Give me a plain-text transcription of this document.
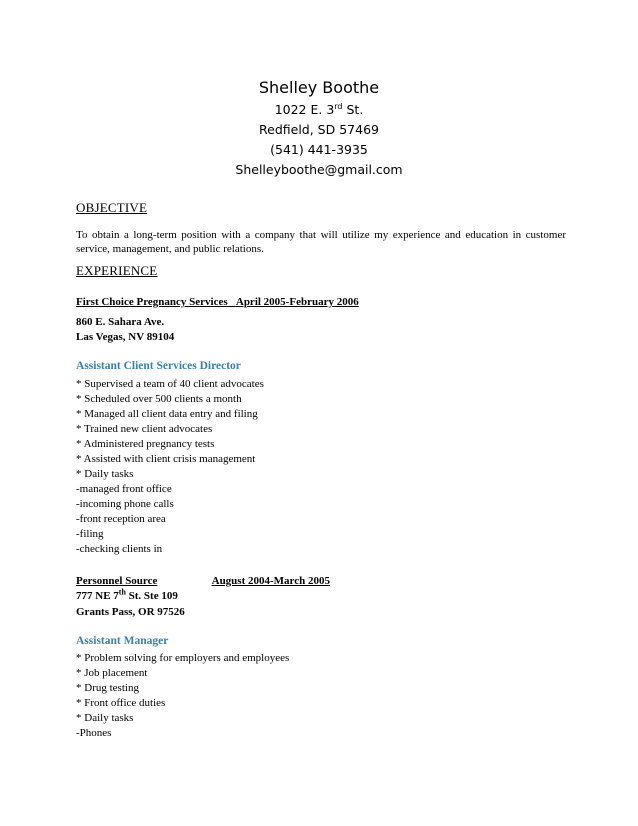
Shelley Boothe
1022 E. 3rd St.
Redfield, SD 57469
(541) 441-3935
Shelleyboothe@gmail.com
OBJECTIVE
To obtain a long-term position with a company that will utilize my experience and education in customer service, management, and public relations.
EXPERIENCE
First Choice Pregnancy Services April 2005-February 2006
860 E. Sahara Ave.
Las Vegas, NV 89104
Assistant Client Services Director
* Supervised a team of 40 client advocates
* Scheduled over 500 clients a month
* Managed all client data entry and filing
* Trained new client advocates
* Administered pregnancy tests
* Assisted with client crisis management
* Daily tasks
-managed front office
-incoming phone calls
-front reception area
-filing
-checking clients in
Personnel Source	August 2004-March 2005
777 NE 7th St. Ste 109
Grants Pass, OR 97526
Assistant Manager
* Problem solving for employers and employees
* Job placement
* Drug testing
* Front office duties
* Daily tasks
-Phones
